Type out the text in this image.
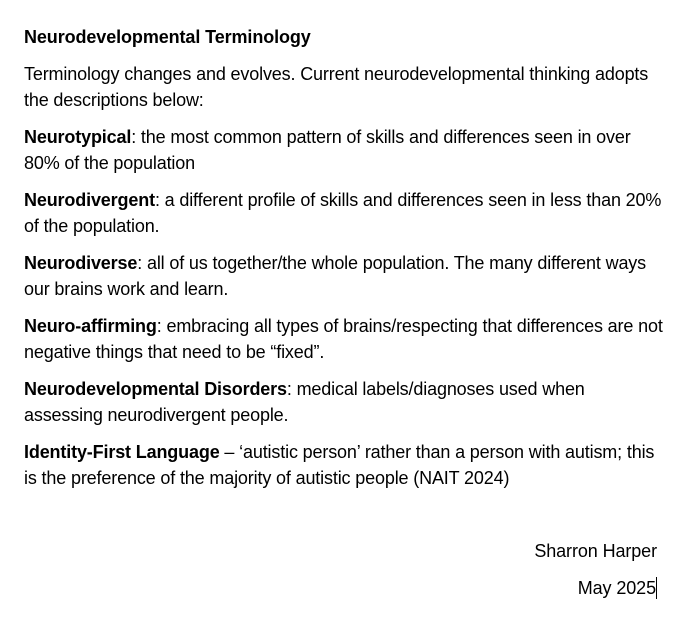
Neurodevelopmental Terminology
Terminology changes and evolves. Current neurodevelopmental thinking adopts the descriptions below:
Neurotypical: the most common pattern of skills and differences seen in over 80% of the population
Neurodivergent: a different profile of skills and differences seen in less than 20% of the population.
Neurodiverse: all of us together/the whole population. The many different ways our brains work and learn.
Neuro-affirming: embracing all types of brains/respecting that differences are not negative things that need to be “fixed”.
Neurodevelopmental Disorders: medical labels/diagnoses used when assessing neurodivergent people.
Identity-First Language – ‘autistic person’ rather than a person with autism; this is the preference of the majority of autistic people (NAIT 2024)
Sharron Harper
May 2025
